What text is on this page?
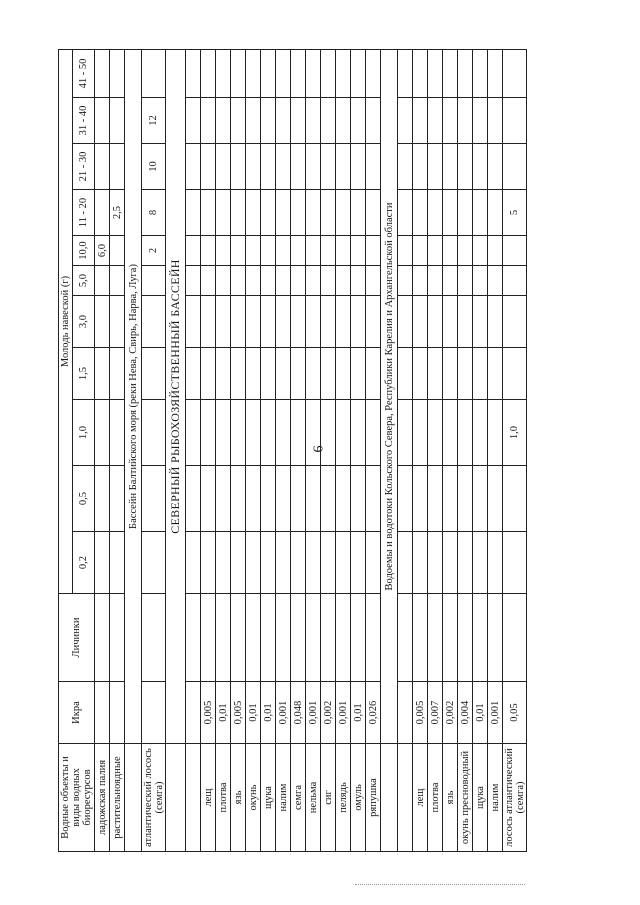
6
Водные объекты и виды водных биоресурсов	Икра	Личинки	Молодь навеской (г)										
			0,2	0,5	1,0	1,5	3,0	5,0	10,0	11 - 20	21 - 30	31 - 40	41 - 50
ладожская палия									6,0				
растительноядные										2,5			
	Бассейн Балтийского моря (реки Нева, Свирь, Нарва, Луга)												
атлантический лосось (семга)									2	8	10	12	
	СЕВЕРНЫЙ РЫБОХОЗЯЙСТВЕННЫЙ БАССЕЙН												

лещ	0,005												
плотва	0,01												
язь	0,005												
окунь	0,01												
щука	0,01												
налим	0,001												
семга	0,048												
нельма	0,001												
сиг	0,002												
пелядь	0,001												
омуль	0,01												
ряпушка	0,026												
	Водоемы и водотоки Кольского Севера, Республики Карелия и Архангельской области												

лещ	0,005												
плотва	0,007												
язь	0,002												
окунь пресноводный	0,004												
щука	0,01												
налим	0,001												
лосось атлантический (семга)	0,05				1,0					5			
